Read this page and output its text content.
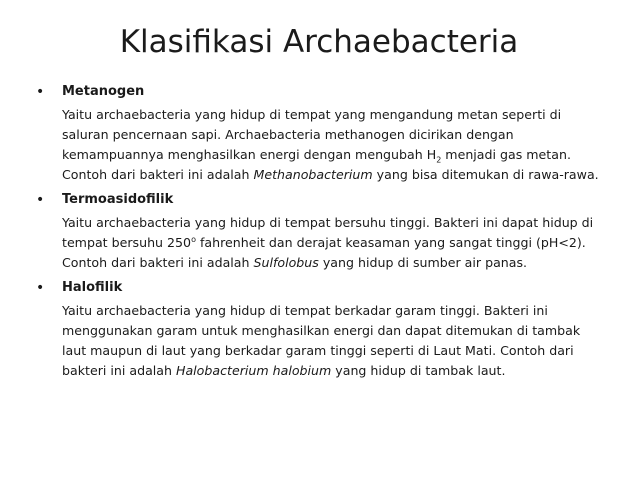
Klasifikasi Archaebacteria
• Metanogen

Yaitu archaebacteria yang hidup di tempat yang mengandung metan seperti di saluran pencernaan sapi. Archaebacteria methanogen dicirikan dengan kemampuannya menghasilkan energi dengan mengubah $H_2$ menjadi gas metan. Contoh dari bakteri ini adalah Methanobacterium yang bisa ditemukan di rawa-rawa.

• Termoasidofilik

Yaitu archaebacteria yang hidup di tempat bersuhu tinggi. Bakteri ini dapat hidup di tempat bersuhu 250$^o$ fahrenheit dan derajat keasaman yang sangat tinggi (pH<2). Contoh dari bakteri ini adalah Sulfolobus yang hidup di sumber air panas.

• Halofilik

Yaitu archaebacteria yang hidup di tempat berkadar garam tinggi. Bakteri ini menggunakan garam untuk menghasilkan energi dan dapat ditemukan di tambak laut maupun di laut yang berkadar garam tinggi seperti di Laut Mati. Contoh dari bakteri ini adalah Halobacterium halobium yang hidup di tambak laut.
